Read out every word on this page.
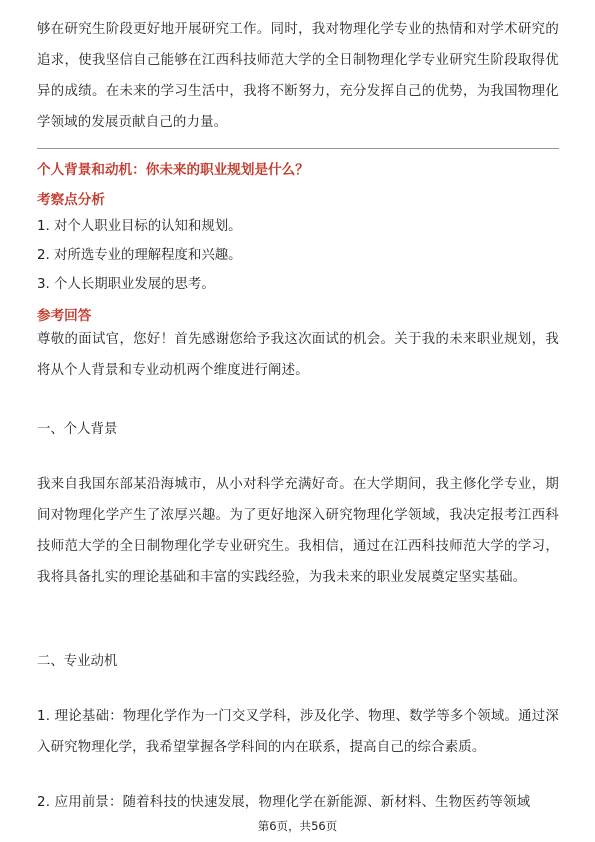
够在研究生阶段更好地开展研究工作。同时，我对物理化学专业的热情和对学术研究的追求，使我坚信自己能够在江西科技师范大学的全日制物理化学专业研究生阶段取得优异的成绩。在未来的学习生活中，我将不断努力，充分发挥自己的优势，为我国物理化学领域的发展贡献自己的力量。

个人背景和动机：你未来的职业规划是什么？

考察点分析

1. 对个人职业目标的认知和规划。

2. 对所选专业的理解程度和兴趣。

3. 个人长期职业发展的思考。

参考回答

尊敬的面试官，您好！首先感谢您给予我这次面试的机会。关于我的未来职业规划，我将从个人背景和专业动机两个维度进行阐述。

一、个人背景

我来自我国东部某沿海城市，从小对科学充满好奇。在大学期间，我主修化学专业，期间对物理化学产生了浓厚兴趣。为了更好地深入研究物理化学领域，我决定报考江西科技师范大学的全日制物理化学专业研究生。我相信，通过在江西科技师范大学的学习，我将具备扎实的理论基础和丰富的实践经验，为我未来的职业发展奠定坚实基础。

二、专业动机

1. 理论基础：物理化学作为一门交叉学科，涉及化学、物理、数学等多个领域。通过深入研究物理化学，我希望掌握各学科间的内在联系，提高自己的综合素质。

2. 应用前景：随着科技的快速发展，物理化学在新能源、新材料、生物医药等领域

第6页，共56页
